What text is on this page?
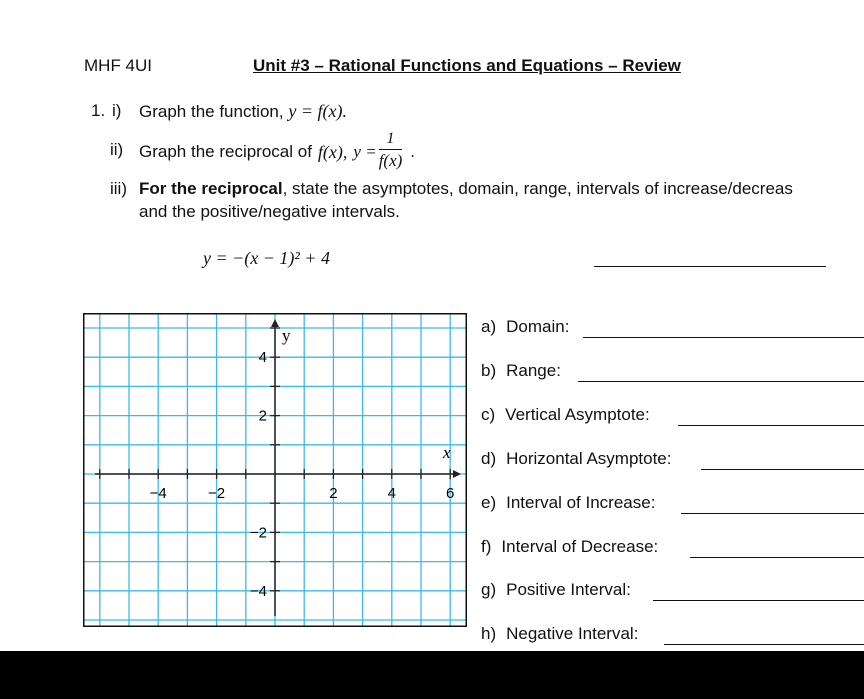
MHF 4UI	Unit #3 – Rational Functions and Equations – Review
1. i) Graph the function, y = f(x).
ii) Graph the reciprocal of f(x), $y = \frac{1}{f(x)}$ .
iii) For the reciprocal, state the asymptotes, domain, range, intervals of increase/decreas
and the positive/negative intervals.
y = −(x − 1)² + 4
−4	−2	2	4	6
4
2
−2
−4
x
y	a) Domain:
b) Range:
c) Vertical Asymptote:
d) Horizontal Asymptote:
e) Interval of Increase:
f) Interval of Decrease:
g) Positive Interval:
h) Negative Interval:
